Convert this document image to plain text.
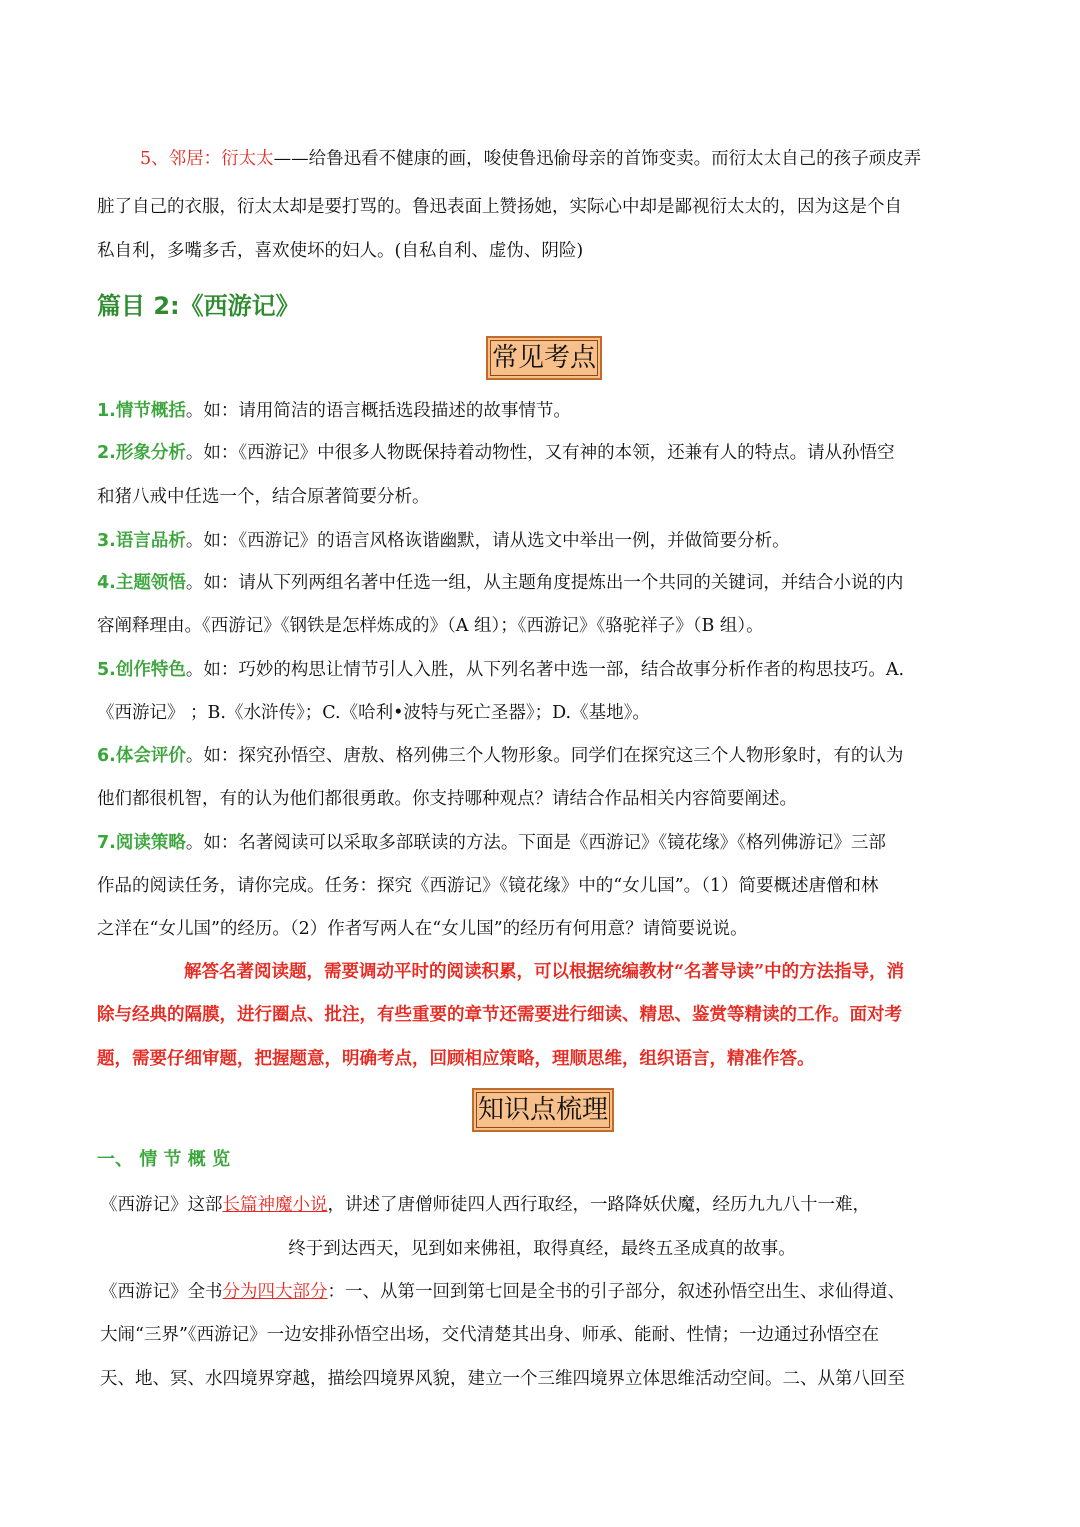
5、邻居：衍太太——给鲁迅看不健康的画，唆使鲁迅偷母亲的首饰变卖。而衍太太自己的孩子顽皮弄

脏了自己的衣服，衍太太却是要打骂的。鲁迅表面上赞扬她，实际心中却是鄙视衍太太的，因为这是个自

私自利，多嘴多舌，喜欢使坏的妇人。(自私自利、虚伪、阴险)

篇目 2:《西游记》
常见考点

1.情节概括。如：请用简洁的语言概括选段描述的故事情节。

2.形象分析。如：《西游记》中很多人物既保持着动物性，又有神的本领，还兼有人的特点。请从孙悟空

和猪八戒中任选一个，结合原著简要分析。

3.语言品析。如：《西游记》的语言风格诙谐幽默，请从选文中举出一例，并做简要分析。

4.主题领悟。如：请从下列两组名著中任选一组，从主题角度提炼出一个共同的关键词，并结合小说的内

容阐释理由。《西游记》《钢铁是怎样炼成的》（A 组）；《西游记》《骆驼祥子》（B 组）。

5.创作特色。如：巧妙的构思让情节引人入胜，从下列名著中选一部，结合故事分析作者的构思技巧。A.

《西游记》 ；B.《水浒传》；C.《哈利•波特与死亡圣器》；D.《基地》。

6.体会评价。如：探究孙悟空、唐敖、格列佛三个人物形象。同学们在探究这三个人物形象时，有的认为

他们都很机智，有的认为他们都很勇敢。你支持哪种观点？请结合作品相关内容简要阐述。

7.阅读策略。如：名著阅读可以采取多部联读的方法。下面是《西游记》《镜花缘》《格列佛游记》三部

作品的阅读任务，请你完成。任务：探究《西游记》《镜花缘》中的“女儿国”。（1）简要概述唐僧和林

之洋在“女儿国”的经历。（2）作者写两人在“女儿国”的经历有何用意？请简要说说。

解答名著阅读题，需要调动平时的阅读积累，可以根据统编教材“名著导读”中的方法指导，消

除与经典的隔膜，进行圈点、批注，有些重要的章节还需要进行细读、精思、鉴赏等精读的工作。面对考

题，需要仔细审题，把握题意，明确考点，回顾相应策略，理顺思维，组织语言，精准作答。

知识点梳理
一、 情 节 概 览

《西游记》这部长篇神魔小说，讲述了唐僧师徒四人西行取经，一路降妖伏魔，经历九九八十一难，

终于到达西天，见到如来佛祖，取得真经，最终五圣成真的故事。

《西游记》全书分为四大部分：一、从第一回到第七回是全书的引子部分，叙述孙悟空出生、求仙得道、

大闹“三界”《西游记》一边安排孙悟空出场，交代清楚其出身、师承、能耐、性情；一边通过孙悟空在

天、地、冥、水四境界穿越，描绘四境界风貌，建立一个三维四境界立体思维活动空间。二、从第八回至
